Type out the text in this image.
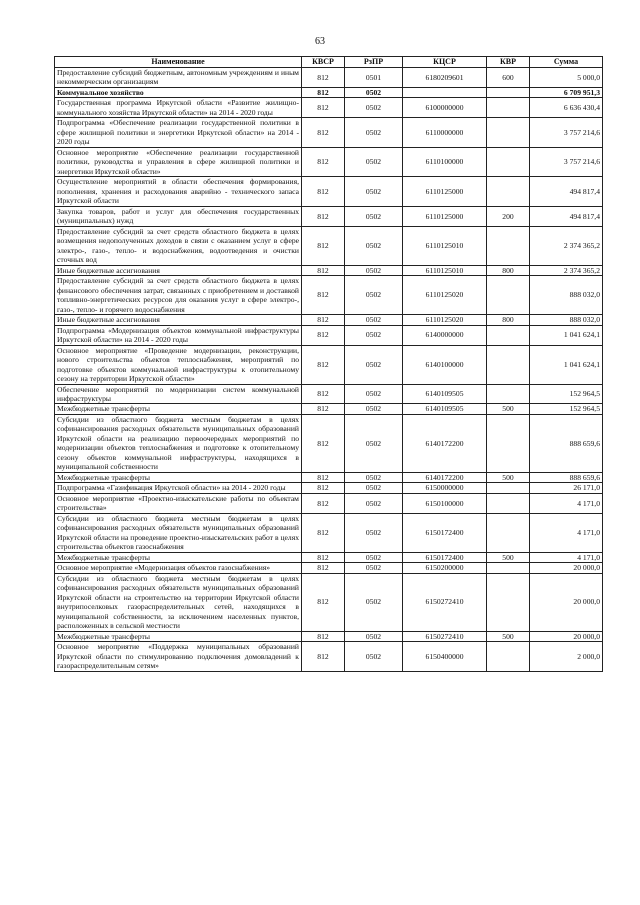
63
Наименование	КВСР	РзПР	КЦСР	КВР	Сумма
Предоставление субсидий бюджетным, автономным учреждениям и иным некоммерческим организациям	812	0501	6180209601	600	5 000,0
Коммунальное хозяйство	812	0502			6 709 951,3
Государственная программа Иркутской области «Развитие жилищно-коммунального хозяйства Иркутской области» на 2014 - 2020 годы	812	0502	6100000000		6 636 430,4
Подпрограмма «Обеспечение реализации государственной политики в сфере жилищной политики и энергетики Иркутской области» на 2014 - 2020 годы	812	0502	6110000000		3 757 214,6
Основное мероприятие «Обеспечение реализации государственной политики, руководства и управления в сфере жилищной политики и энергетики Иркутской области»	812	0502	6110100000		3 757 214,6
Осуществление мероприятий в области обеспечения формирования, пополнения, хранения и расходования аварийно - технического запаса Иркутской области	812	0502	6110125000		494 817,4
Закупка товаров, работ и услуг для обеспечения государственных (муниципальных) нужд	812	0502	6110125000	200	494 817,4
Предоставление субсидий за счет средств областного бюджета в целях возмещения недополученных доходов в связи с оказанием услуг в сфере электро-, газо-, тепло- и водоснабжения, водоотведения и очистки сточных вод	812	0502	6110125010		2 374 365,2
Иные бюджетные ассигнования	812	0502	6110125010	800	2 374 365,2
Предоставление субсидий за счет средств областного бюджета в целях финансового обеспечения затрат, связанных с приобретением и доставкой топливно-энергетических ресурсов для оказания услуг в сфере электро-, газо-, тепло- и горячего водоснабжения	812	0502	6110125020		888 032,0
Иные бюджетные ассигнования	812	0502	6110125020	800	888 032,0
Подпрограмма «Модернизация объектов коммунальной инфраструктуры Иркутской области» на 2014 - 2020 годы	812	0502	6140000000		1 041 624,1
Основное мероприятие «Проведение модернизации, реконструкции, нового строительства объектов теплоснабжения, мероприятий по подготовке объектов коммунальной инфраструктуры к отопительному сезону на территории Иркутской области»	812	0502	6140100000		1 041 624,1
Обеспечение мероприятий по модернизации систем коммунальной инфраструктуры	812	0502	6140109505		152 964,5
Межбюджетные трансферты	812	0502	6140109505	500	152 964,5
Субсидии из областного бюджета местным бюджетам в целях софинансирования расходных обязательств муниципальных образований Иркутской области на реализацию первоочередных мероприятий по модернизации объектов теплоснабжения и подготовке к отопительному сезону объектов коммунальной инфраструктуры, находящихся в муниципальной собственности	812	0502	6140172200		888 659,6
Межбюджетные трансферты	812	0502	6140172200	500	888 659,6
Подпрограмма «Газификация Иркутской области» на 2014 - 2020 годы	812	0502	6150000000		26 171,0
Основное мероприятие «Проектно-изыскательские работы по объектам строительства»	812	0502	6150100000		4 171,0
Субсидии из областного бюджета местным бюджетам в целях софинансирования расходных обязательств муниципальных образований Иркутской области на проведение проектно-изыскательских работ в целях строительства объектов газоснабжения	812	0502	6150172400		4 171,0
Межбюджетные трансферты	812	0502	6150172400	500	4 171,0
Основное мероприятие «Модернизация объектов газоснабжения»	812	0502	6150200000		20 000,0
Субсидии из областного бюджета местным бюджетам в целях софинансирования расходных обязательств муниципальных образований Иркутской области на строительство на территории Иркутской области внутрипоселковых газораспределительных сетей, находящихся в муниципальной собственности, за исключением населенных пунктов, расположенных в сельской местности	812	0502	6150272410		20 000,0
Межбюджетные трансферты	812	0502	6150272410	500	20 000,0
Основное мероприятие «Поддержка муниципальных образований Иркутской области по стимулированию подключения домовладений к газораспределительным сетям»	812	0502	6150400000		2 000,0
